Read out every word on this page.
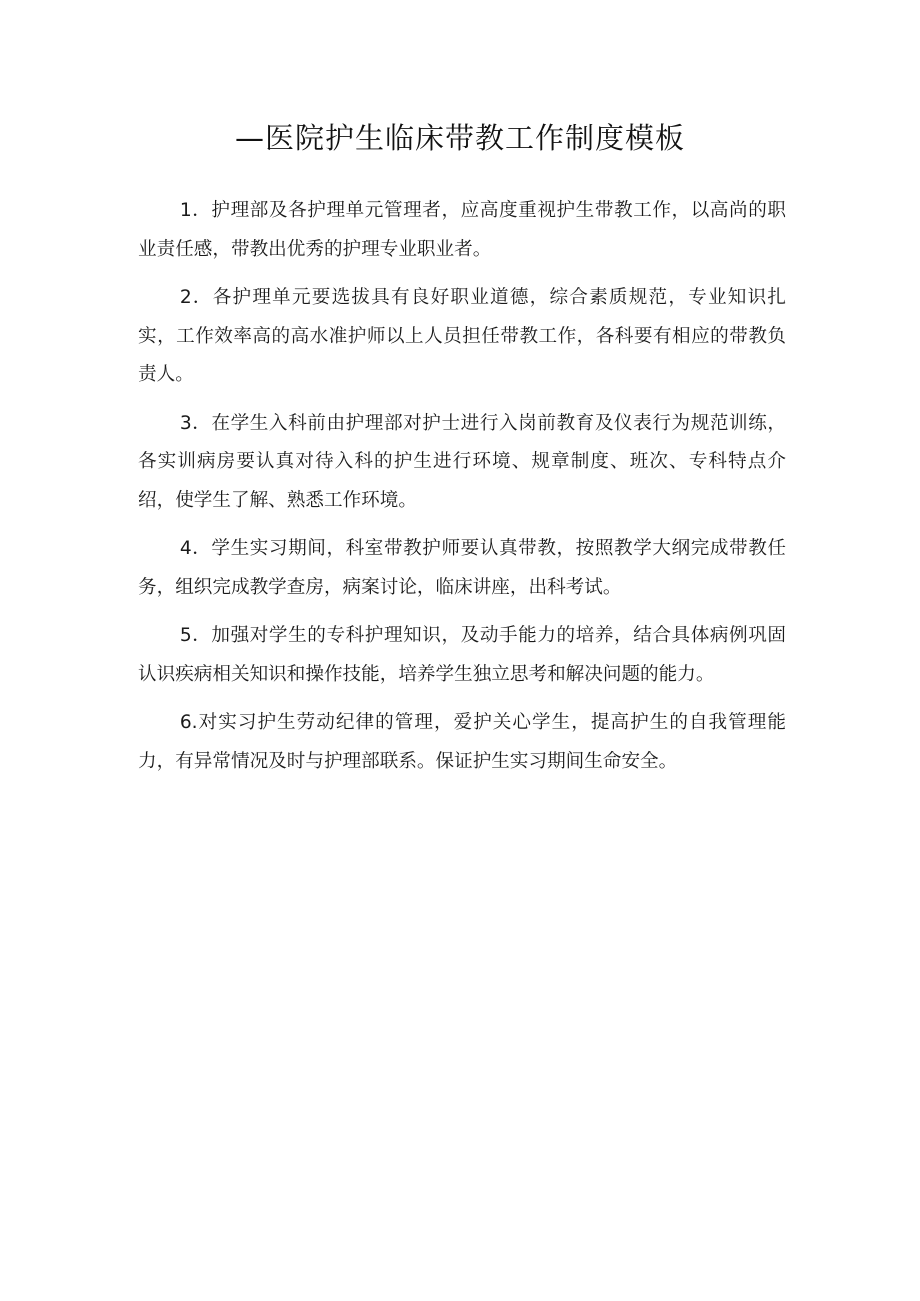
—医院护生临床带教工作制度模板

1．护理部及各护理单元管理者，应高度重视护生带教工作，以高尚的职业责任感，带教出优秀的护理专业职业者。

2．各护理单元要选拔具有良好职业道德，综合素质规范，专业知识扎实，工作效率高的高水准护师以上人员担任带教工作，各科要有相应的带教负责人。

3．在学生入科前由护理部对护士进行入岗前教育及仪表行为规范训练，各实训病房要认真对待入科的护生进行环境、规章制度、班次、专科特点介绍，使学生了解、熟悉工作环境。

4．学生实习期间，科室带教护师要认真带教，按照教学大纲完成带教任务，组织完成教学查房，病案讨论，临床讲座，出科考试。

5．加强对学生的专科护理知识，及动手能力的培养，结合具体病例巩固认识疾病相关知识和操作技能，培养学生独立思考和解决问题的能力。

6.对实习护生劳动纪律的管理，爱护关心学生，提高护生的自我管理能力，有异常情况及时与护理部联系。保证护生实习期间生命安全。
